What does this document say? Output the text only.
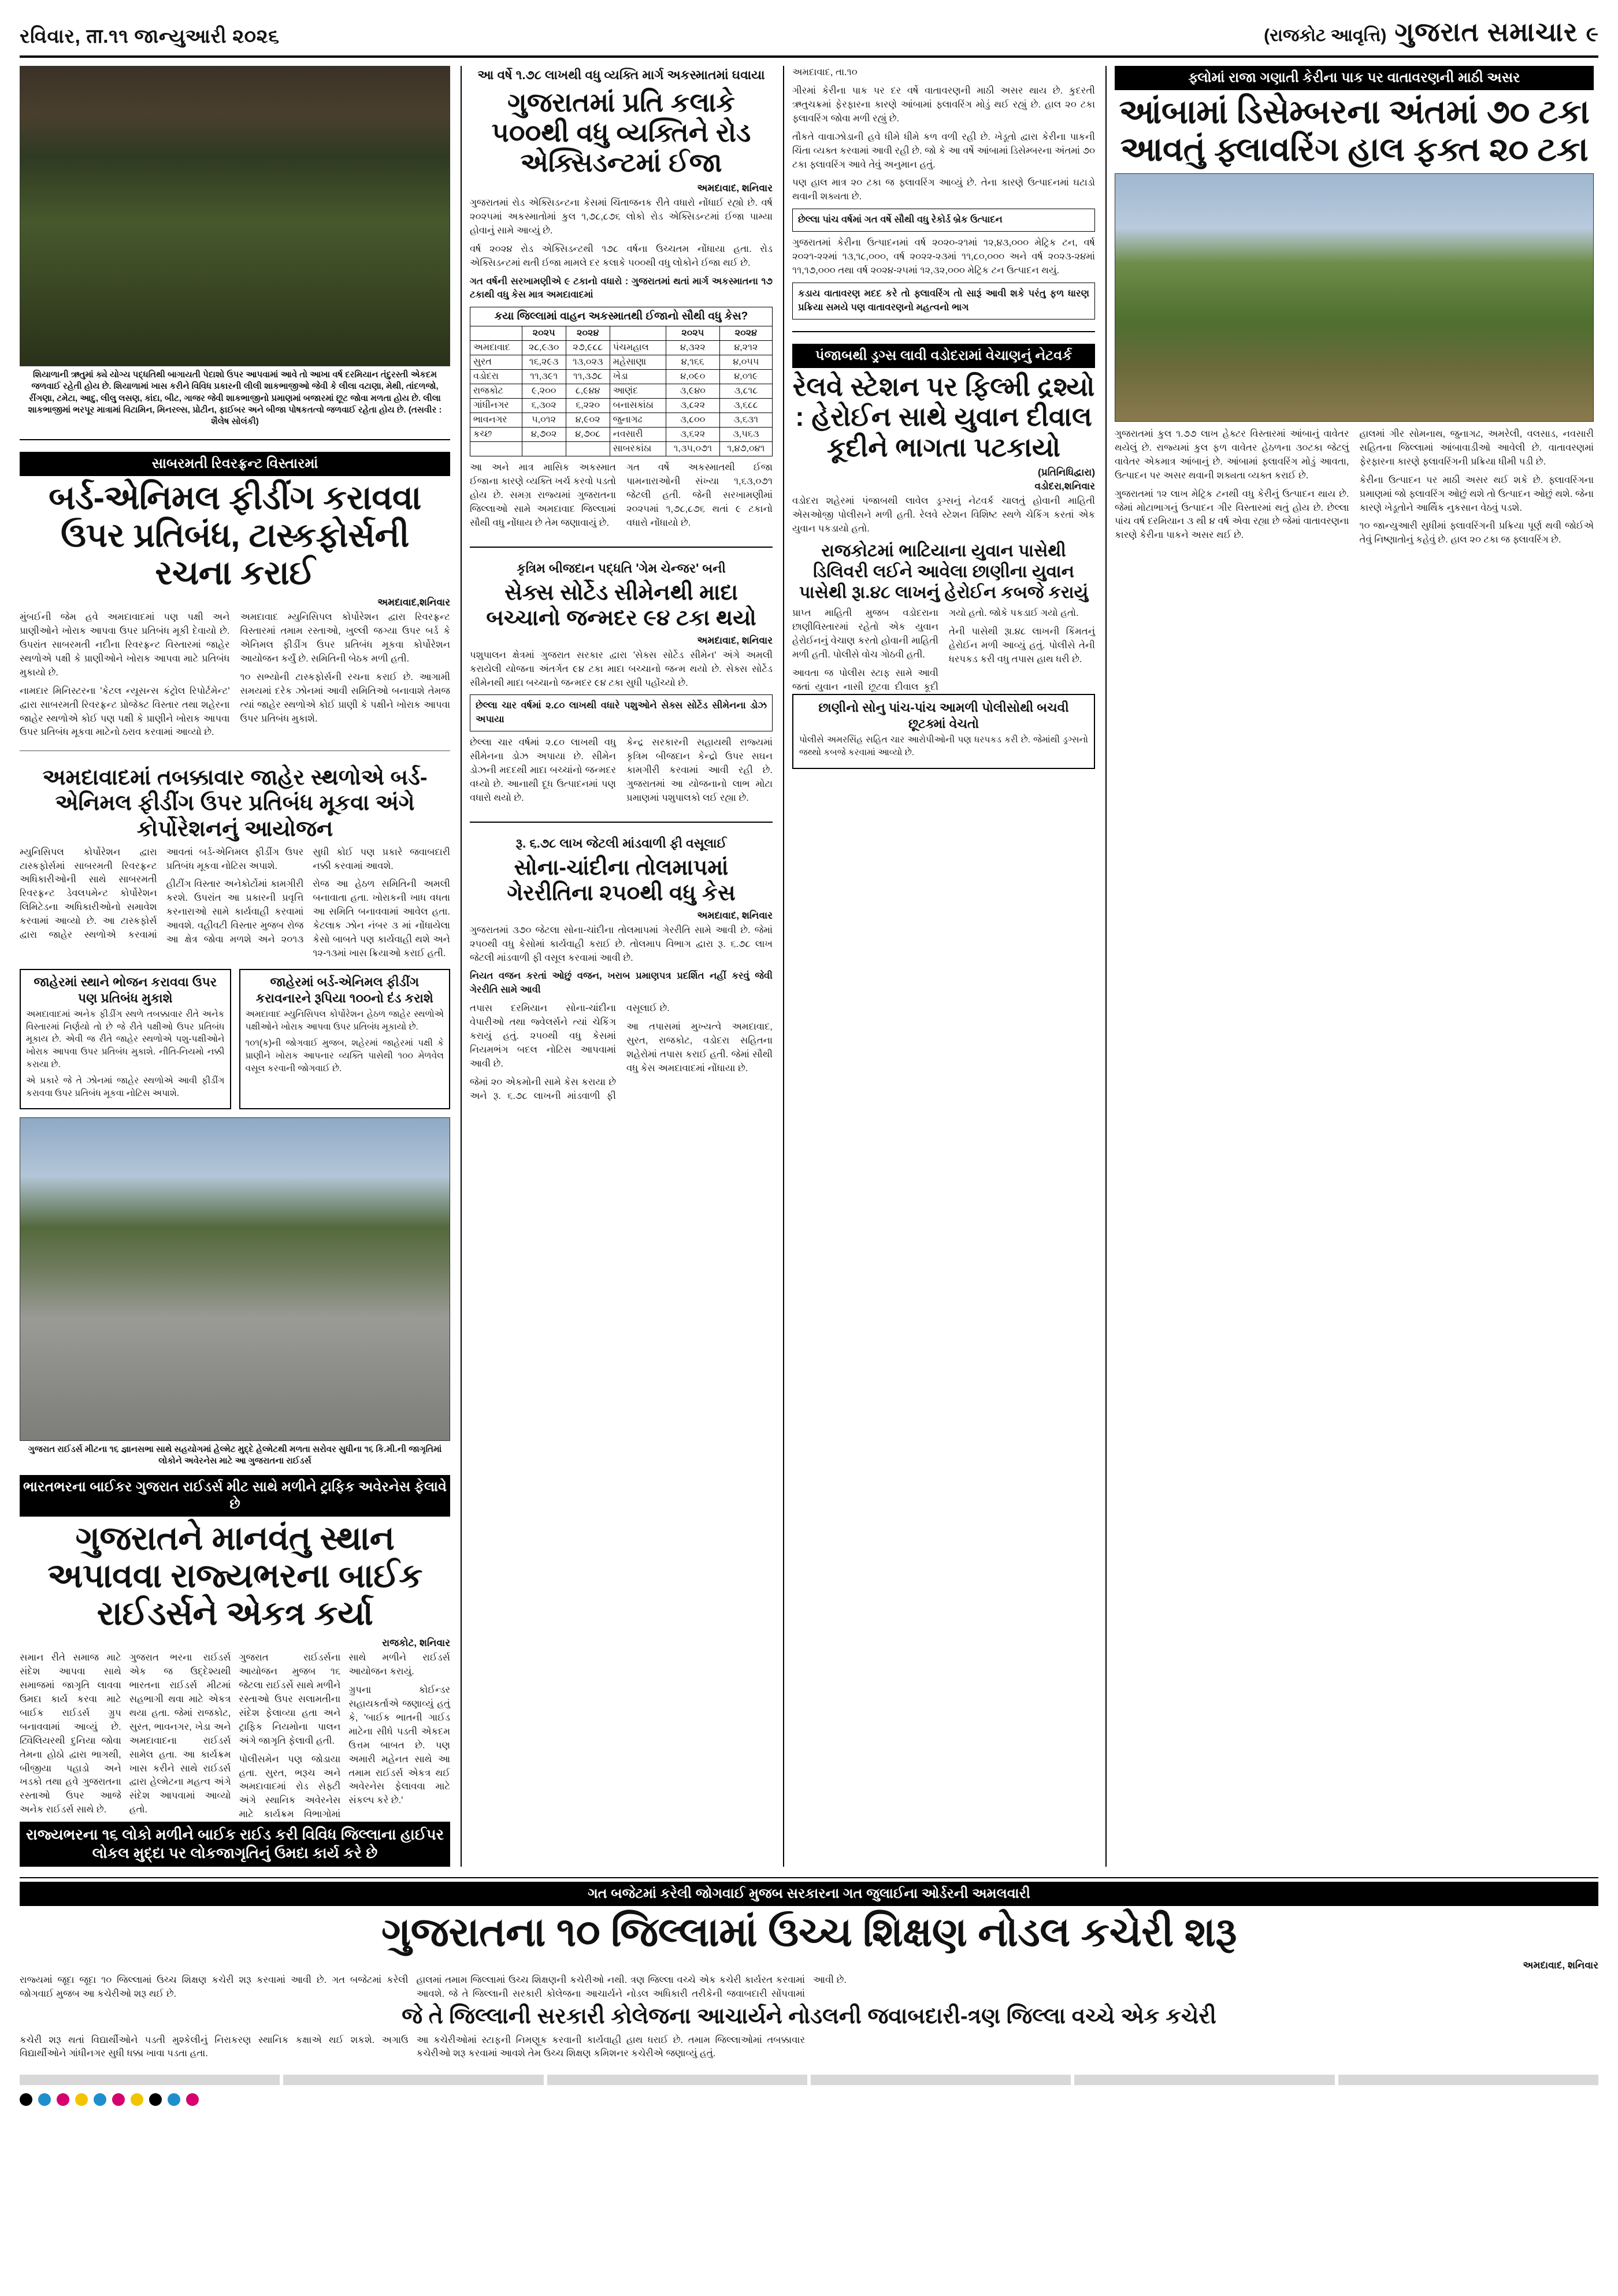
રવિવાર, ता.૧૧ જાન્યુઆરી ૨૦૨૬	(રાજકોટ આવૃત્તિ) ગુજરાત સમાચાર ૯
શિયાળાની ઋતુમાં ક્યે યોગ્ય પદ્ધતિથી બાગાયતી પેદાશો ઉપર આપવામાં આવે તો આખા વર્ષ દરમિયાન તંદુરસ્તી એકદમ જળવાઈ રહેતી હોય છે. શિયાળામાં ખાસ કરીને વિવિધ પ્રકારની લીલી શાકભાજીઓ જેવી કે લીલા વટાણા, મેથી, તાંદળજો, રીંગણા, ટમેટા, આદુ, લીલુ લસણ, કાંદા, બીટ, ગાજર જેવી શાકભાજીનો પ્રમાણમાં બજારમાં છૂટ જોવા મળતા હોય છે. લીલા શાકભાજીમાં ભરપૂર માત્રામાં વિટામિન, મિનરલ્સ, પ્રોટીન, ફાઈબર અને બીજા પોષકતત્વો જળવાઈ રહેતા હોય છે. (તસવીર : શૈલેષ સોલંકી)
સાબરમતી રિવરફ્રન્ટ વિસ્તારમાં
બર્ડ-એનિમલ ફીડીંગ કરાવવા ઉપર પ્રતિબંધ, ટાસ્કફોર્સની રચના કરાઈ
અમદાવાદ,શનિવાર

મુંબઈની જેમ હવે અમદાવાદમાં પણ પક્ષી અને પ્રાણીઓને ખોરાક આપવા ઉપર પ્રતિબંધ મૂકી દેવાયો છે. ઉપરાંત સાબરમતી નદીના રિવરફ્રન્ટ વિસ્તારમાં જાહેર સ્થળોએ પક્ષી કે પ્રાણીઓને ખોરાક આપવા માટે પ્રતિબંધ મુકાયો છે.

નામદાર મિનિસ્ટરના 'કેટલ ન્યૂસન્સ કંટ્રોલ રિપોર્ટમેન્ટ' દ્વારા સાબરમતી રિવરફ્રન્ટ પ્રોજેક્ટ વિસ્તાર તથા શહેરના જાહેર સ્થળોએ કોઈ પણ પક્ષી કે પ્રાણીને ખોરાક આપવા ઉપર પ્રતિબંધ મૂકવા માટેનો ઠરાવ કરવામાં આવ્યો છે.

અમદાવાદ મ્યુનિસિપલ કોર્પોરેશન દ્વારા રિવરફ્રન્ટ વિસ્તારમાં તમામ રસ્તાઓ, ખુલ્લી જગ્યા ઉપર બર્ડ કે એનિમલ ફીડીંગ ઉપર પ્રતિબંધ મૂકવા કોર્પોરેશન આયોજન કર્યું છે. સમિતિની બેઠક મળી હતી.

૧૦ સભ્યોની ટાસ્કફોર્સની રચના કરાઈ છે. આગામી સમયમાં દરેક ઝોનમાં આવી સમિતિઓ બનાવાશે તેમજ ત્યાં જાહેર સ્થળોએ કોઈ પ્રાણી કે પક્ષીને ખોરાક આપવા ઉપર પ્રતિબંધ મુકાશે.

અમદાવાદમાં તબક્કાવાર જાહેર સ્થળોએ બર્ડ-એનિમલ ફીડીંગ ઉપર પ્રતિબંધ મૂકવા અંગે કોર્પોરેશનનું આયોજન

મ્યુનિસિપલ કોર્પોરેશન દ્વારા ટાસ્કફોર્સમાં સાબરમતી રિવરફ્રન્ટ અધિકારીઓની સાથે સાબરમતી રિવરફ્રન્ટ ડેવલપમેન્ટ કોર્પોરેશન લિમિટેડના અધિકારીઓનો સમાવેશ કરવામાં આવ્યો છે. આ ટાસ્કફોર્સ દ્વારા જાહેર સ્થળોએ કરવામાં આવતાં બર્ડ-એનિમલ ફીડીંગ ઉપર પ્રતિબંધ મૂકવા નોટિસ અપાશે.

હીટીંગ વિસ્તાર અનેકોર્ટોમાં કામગીરી કરશે. ઉપરાંત આ પ્રકારની પ્રવૃત્તિ કરનારાઓ સામે કાર્યવાહી કરવામાં આવશે. વહીવટી વિસ્તાર મુજબ રોજ આ ક્ષેત્ર જોવા મળશે અને ૨૦૧૩ સુધી કોઈ પણ પ્રકારે જવાબદારી નક્કી કરવામાં આવશે.

રોજ આ હેઠળ સમિતિની અમલી બનાવાતા હતા. ખોરાકની ખાધ વધતા આ સમિતિ બનાવવામાં આવેલ હતા. કેટલાક ઝોન નંબર ૩ માં નોંધાયેલા કેસો બાબતે પણ કાર્યવાહી થશે અને ૧૨-૧૩માં ખાસ ક્રિયાઓ કરાઈ હતી.

જાહેરમાં સ્થાને ભોજન કરાવવા ઉપર પણ પ્રતિબંધ મુકાશે

અમદાવાદમાં અનેક ફીડીંગ સ્થળે તબક્કાવાર રીતે અનેક વિસ્તારમાં નિર્ણયો તો છે જે રીતે પક્ષીઓ ઉપર પ્રતિબંધ મૂકાય છે. એવી જ રીતે જાહેર સ્થળોએ પશુ-પક્ષીઓને ખોરાક આપવા ઉપર પ્રતિબંધ મુકાશે. નીતિ-નિયમો નક્કી કરાયા છે.

એ પ્રકારે જે તે ઝોનમાં જાહેર સ્થળોએ આવી ફીડીંગ કરાવવા ઉપર પ્રતિબંધ મૂકવા નોટિસ અપાશે.

જાહેરમાં બર્ડ-એનિમલ ફીડીંગ કરાવનારને રૂપિયા ૧૦૦નો દંડ કરાશે

અમદાવાદ મ્યુનિસિપલ કોર્પોરેશન હેઠળ જાહેર સ્થળોએ પક્ષીઓને ખોરાક આપવા ઉપર પ્રતિબંધ મૂકાયો છે.

૧૦૧(ક)ની જોગવાઈ મુજબ, શહેરમાં જાહેરમાં પક્ષી કે પ્રાણીને ખોરાક આપનાર વ્યક્તિ પાસેથી ૧૦૦ મેળવેલ વસૂલ કરવાની જોગવાઈ છે.

ગુજરાત રાઈડર્સ મીટના ૧૬ જ્ઞાનસભા સાથે સહયોગમાં હેલ્મેટ મુદ્દે હેલ્મેટથી મળતા સરોવર સુધીના ૧૬ કિ.મી.ની જાગૃતિમાં લોકોને અવેરનેસ માટે આ ગુજરાતના રાઈડર્સ
ભારતભરના બાઈકર ગુજરાત રાઈડર્સ મીટ સાથે મળીને ટ્રાફિક અવેરનેસ ફેલાવે છે
ગુજરાતને માનવંતુ સ્થાન અપાવવા રાજ્યભરના બાઈક રાઈડર્સને એકત્ર કર્યા
રાજકોટ, શનિવાર

સમાન રીતે સમાજ માટે સંદેશ આપવા સાથે સમાજમાં જાગૃતિ લાવવા ઉમદા કાર્ય કરવા માટે બાઈક રાઈડર્સ ગ્રુપ બનાવવામાં આવ્યું છે. ટ્વિલિયરથી દુનિયા જોવા તેમના હોઠો દ્વારા ભાગથી, બીજીયા પહાડો અને ખડકો તથા હવે ગુજરાતના રસ્તાઓ ઉપર આજે અનેક રાઈડર્સ સાથે છે.

ગુજરાત ભરના રાઈડર્સ એક જ ઉદ્દેશ્યથી ભારતના રાઈડર્સ મીટમાં સહભાગી થવા માટે એકત્ર થયા હતા. જેમાં રાજકોટ, સુરત, ભાવનગર, ખેડા અને અમદાવાદના રાઈડર્સ સામેલ હતા. આ કાર્યક્રમ ખાસ કરીને સાથે રાઈડર્સ દ્વારા હેલ્મેટના મહત્વ અંગે સંદેશ આપવામાં આવ્યો હતો.

ગુજરાત રાઈડર્સના આયોજન મુજબ ૧૬ જેટલા રાઈડર્સે સાથે મળીને રસ્તાઓ ઉપર સલામતીના સંદેશ ફેલાવ્યા હતા અને ટ્રાફિક નિયમોના પાલન અંગે જાગૃતિ ફેલાવી હતી.

પોલીસમેન પણ જોડાયા હતા. સુરત, ભરૂચ અને અમદાવાદમાં રોડ સેફ્ટી અંગે સ્થાનિક અવેરનેસ માટે કાર્યક્રમ વિભાગોમાં સાથે મળીને રાઈડર્સ આયોજન કરાયું.

ગ્રુપના કોઈન્ડર સહાયકર્તાએ જણાવ્યું હતું કે, 'બાઈક ભાતની ગાઈડ માટેના સીધે પડતી એકદમ ઉત્તમ બાબત છે. પણ અમારી મહેનત સાથે આ તમામ રાઈડર્સ એકત્ર થઈ અવેરનેસ ફેલાવવા માટે સંકલ્પ કરે છે.'

રાજ્યભરના ૧૬ લોકો મળીને બાઈક રાઈડ કરી વિવિધ જિલ્લાના હાઈપર લોકલ મુદ્દા પર લોકજાગૃતિનું ઉમદા કાર્ય કરે છે
આ વર્ષે ૧.૭૮ લાખથી વધુ વ્યક્તિ માર્ગ અકસ્માતમાં ઘવાયા
ગુજરાતમાં પ્રતિ કલાકે ૫૦૦થી વધુ વ્યક્તિને રોડ એક્સિડન્ટમાં ઈજા
અમદાવાદ, શનિવાર

ગુજરાતમાં રોડ એક્સિડન્ટના કેસમાં ચિંતાજનક રીતે વધારો નોંધાઈ રહ્યો છે. વર્ષ ૨૦૨૫માં અકસ્માતોમાં કુલ ૧,૭૮,૮૭૬ લોકો રોડ એક્સિડન્ટમાં ઈજા પામ્યા હોવાનું સામે આવ્યું છે.

વર્ષ ૨૦૨૪ રોડ એક્સિડન્ટથી ૧૭૮ વર્ષના ઉચ્ચતમ નોંધાયા હતા. રોડ એક્સિડન્ટમાં થતી ઈજા મામલે દર કલાકે ૫૦૦થી વધુ લોકોને ઈજા થઈ છે.

ગત વર્ષની સરખામણીએ ૯ ટકાનો વધારો : ગુજરાતમાં થતાં માર્ગ અકસ્માતના ૧૭ ટકાથી વધુ કેસ માત્ર અમદાવાદમાં

કયા જિલ્લામાં વાહન અકસ્માતથી ઈજાનો સૌથી વધુ કેસ?
	૨૦૨૫	૨૦૨૪		૨૦૨૫	૨૦૨૪
અમદાવાદ	૨૮,૯૩૦	૨૭,૯૮૮	પંચમહાલ	૪,૩૨૨	૪,૨૧૨
સુરત	૧૬,૨૯૩	૧૩,૦૨૩	મહેસાણા	૪,૧૬૬	૪,૦૫૫
વડોદરા	૧૧,૩૯૧	૧૧,૩૭૮	ખેડા	૪,૦૯૦	૪,૦૧૯
રાજકોટ	૯,૨૦૦	૮,૯૪૪	આણંદ	૩,૯૪૦	૩,૮૧૮
ગાંધીનગર	૬,૩૦૨	૬,૨૨૦	બનાસકાંઠા	૩,૮૨૨	૩,૬૮૮
ભાવનગર	૫,૦૧૨	૪,૯૦૨	જુનાગઢ	૩,૮૦૦	૩,૬૩૧
કચ્છ	૪,૭૦૨	૪,૭૦૮	નવસારી	૩,૬૨૨	૩,૫૬૩
			સાબરકાંઠા	૧,૩૫,૦૭૧	૧,૪૭,૦૪૧

આ અને માત્ર માસિક અકસ્માત ઈજાના કારણે વ્યક્તિ ખર્ચ કરવો પડતો હોય છે. સમગ્ર રાજ્યમાં ગુજરાતના જિલ્લાઓ સામે અમદાવાદ જિલ્લામાં સૌથી વધુ નોંધાય છે તેમ જણાવાયું છે.

ગત વર્ષે અકસ્માતથી ઈજા પામનારાઓની સંખ્યા ૧,૬૩,૦૭૧ જેટલી હતી. જેની સરખામણીમાં ૨૦૨૫માં ૧,૭૮,૮૭૬ થતાં ૯ ટકાનો વધારો નોંધાયો છે.

કૃત્રિમ બીજદાન પદ્ધતિ 'ગેમ ચેન્જર' બની
સેક્સ સોર્ટેડ સીમેનથી માદા બચ્ચાનો જન્મદર ૯૪ ટકા થયો
અમદાવાદ, શનિવાર

પશુપાલન ક્ષેત્રમાં ગુજરાત સરકાર દ્વારા 'સેક્સ સોર્ટેડ સીમેન' અંગે અમલી કરાયેલી યોજના અંતર્ગત ૯૪ ટકા માદા બચ્ચાનો જન્મ થયો છે. સેક્સ સોર્ટેડ સીમેનથી માદા બચ્ચાનો જન્મદર ૯૪ ટકા સુધી પહોંચ્યો છે.

છેલ્લા ચાર વર્ષમાં ૨.૮૦ લાખથી વધારે પશુઓને સેક્સ સોર્ટેડ સીમેનના ડોઝ અપાયા

છેલ્લા ચાર વર્ષમાં ૨.૮૦ લાખથી વધુ સીમેનના ડોઝ અપાયા છે. સીમેન ડોઝની મદદથી માદા બચ્ચાંનો જન્મદર વધ્યો છે. આનાથી દૂધ ઉત્પાદનમાં પણ વધારો થયો છે.

કેન્દ્ર સરકારની સહાયથી રાજ્યમાં કૃત્રિમ બીજદાન કેન્દ્રો ઉપર સઘન કામગીરી કરવામાં આવી રહી છે. ગુજરાતમાં આ યોજનાનો લાભ મોટા પ્રમાણમાં પશુપાલકો લઈ રહ્યા છે.

રૂ. ૬.૭૮ લાખ જેટલી માંડવાળી ફી વસૂલાઈ
સોના-ચાંદીના તોલમાપમાં ગેરરીતિના ૨૫૦થી વધુ કેસ
અમદાવાદ, શનિવાર

ગુજરાતમાં ૩૭૦ જેટલા સોના-ચાંદીના તોલમાપમાં ગેરરીતિ સામે આવી છે. જેમાં ૨૫૦થી વધુ કેસોમાં કાર્યવાહી કરાઈ છે. તોલમાપ વિભાગ દ્વારા રૂ. ૬.૭૮ લાખ જેટલી માંડવાળી ફી વસૂલ કરવામાં આવી છે.

નિયત વજન કરતાં ઓછું વજન, ખરાબ પ્રમાણપત્ર પ્રદર્શિત નહીં કરવું જેવી ગેરરીતિ સામે આવી

તપાસ દરમિયાન સોના-ચાંદીના વેપારીઓ તથા જ્વેલર્સને ત્યાં ચેકિંગ કરાયું હતું. ૨૫૦થી વધુ કેસમાં નિયમભંગ બદલ નોટિસ આપવામાં આવી છે.

જેમાં ૨૦ એકમોની સામે કેસ કરાયા છે અને રૂ. ૬.૭૮ લાખની માંડવાળી ફી વસૂલાઈ છે.

આ તપાસમાં મુખ્યત્વે અમદાવાદ, સુરત, રાજકોટ, વડોદરા સહિતના શહેરોમાં તપાસ કરાઈ હતી. જેમાં સૌથી વધુ કેસ અમદાવાદમાં નોંધાયા છે.

અમદાવાદ, તા.૧૦

ગીરમાં કેરીના પાક પર દર વર્ષે વાતાવરણની માઠી અસર થાય છે. કુદરતી ઋતુચક્રમાં ફેરફારના કારણે આંબામાં ફ્લાવરિંગ મોડું થઈ રહ્યું છે. હાલ ૨૦ ટકા ફ્લાવરિંગ જોવા મળી રહ્યું છે.

તૌકતે વાવાઝોડાની હવે ધીમે ધીમે કળ વળી રહી છે. ખેડૂતો દ્વારા કેરીના પાકની ચિંતા વ્યક્ત કરવામાં આવી રહી છે. જો કે આ વર્ષે આંબામાં ડિસેમ્બરના અંતમાં ૭૦ ટકા ફ્લાવરિંગ આવે તેવું અનુમાન હતું.

પણ હાલ માત્ર ૨૦ ટકા જ ફ્લાવરિંગ આવ્યું છે. તેના કારણે ઉત્પાદનમાં ઘટાડો થવાની શક્યતા છે.

છેલ્લા પાંચ વર્ષમાં ગત વર્ષે સૌથી વધુ રેકોર્ડ બ્રેક ઉત્પાદન

ગુજરાતમાં કેરીના ઉત્પાદનમાં વર્ષ ૨૦૨૦-૨૧માં ૧૨,૪૩,૦૦૦ મેટ્રિક ટન, વર્ષ ૨૦૨૧-૨૨માં ૧૩,૧૮,૦૦૦, વર્ષ ૨૦૨૨-૨૩માં ૧૧,૮૦,૦૦૦ અને વર્ષ ૨૦૨૩-૨૪માં ૧૧,૧૭,૦૦૦ તથા વર્ષ ૨૦૨૪-૨૫માં ૧૨,૩૨,૦૦૦ મેટ્રિક ટન ઉત્પાદન થયું.

કડાય વાતાવરણ મદદ કરે તો ફ્લાવરિંગ તો સારૂં આવી શકે પરંતુ ફળ ધારણ પ્રક્રિયા સમયે પણ વાતાવરણનો મહત્વનો ભાગ

પંજાબથી ડ્રગ્સ લાવી વડોદરામાં વેચાણનું નેટવર્ક
રેલવે સ્ટેશન પર ફિલ્મી દ્રશ્યો : હેરોઈન સાથે યુવાન દીવાલ કૂદીને ભાગતા પટકાયો
(પ્રતિનિધિદ્વારા)
વડોદરા,શનિવાર

વડોદરા શહેરમાં પંજાબથી લાવેલ ડ્રગ્સનું નેટવર્ક ચાલતું હોવાની માહિતી એસઓજી પોલીસને મળી હતી. રેલવે સ્ટેશન વિશિષ્ટ સ્થળે ચેકિંગ કરતાં એક યુવાન પકડાયો હતો.

રાજકોટમાં ભાટિયાના યુવાન પાસેથી ડિલિવરી લઈને આવેલા છાણીના યુવાન પાસેથી રૂા.૪૮ લાખનું હેરોઈન કબજે કરાયું

પ્રાપ્ત માહિતી મુજબ વડોદરાના છાણીવિસ્તારમાં રહેતો એક યુવાન હેરોઈનનું વેચાણ કરતો હોવાની માહિતી મળી હતી. પોલીસે વોચ ગોઠવી હતી.

આવતા જ પોલીસ સ્ટાફ સામે આવી જતાં યુવાન નાસી છૂટવા દીવાલ કૂદી ગયો હતો. જોકે પકડાઈ ગયો હતો.

તેની પાસેથી રૂા.૪૮ લાખની કિંમતનું હેરોઈન મળી આવ્યું હતું. પોલીસે તેની ધરપકડ કરી વધુ તપાસ હાથ ધરી છે.

છાણીનો સોનુ પાંચ-પાંચ આમળી પોલીસોથી બચવી છૂટક્માં વેચતો

પોલીસે અમરસિંહ સહિત ચાર આરોપીઓની પણ ધરપકડ કરી છે. જેમાંથી ડ્રગ્સનો જથ્થો કબજે કરવામાં આવ્યો છે.

ફ્લોમાં રાજા ગણાતી કેરીના પાક પર વાતાવરણની માઠી અસર
આંબામાં ડિસેમ્બરના અંતમાં ૭૦ ટકા આવતું ફ્લાવરિંગ હાલ ફક્ત ૨૦ ટકા

ગુજરાતમાં કુલ ૧.૭૭ લાખ હેક્ટર વિસ્તારમાં આંબાનું વાવેતર થયેલું છે. રાજ્યમાં કુલ ફળ વાવેતર હેઠળના ૩૦ટકા જેટલું વાવેતર એકમાત્ર આંબાનું છે. આંબામાં ફ્લાવરિંગ મોડું આવતા, ઉત્પાદન પર અસર થવાની શક્યતા વ્યક્ત કરાઈ છે.

ગુજરાતમાં ૧૨ લાખ મેટ્રિક ટનથી વધુ કેરીનું ઉત્પાદન થાય છે. જેમાં મોટાભાગનું ઉત્પાદન ગીર વિસ્તારમાં થતું હોય છે. છેલ્લા પાંચ વર્ષ દરમિયાન ૩ થી ૪ વર્ષ એવા રહ્યા છે જેમાં વાતાવરણના કારણે કેરીના પાકને અસર થઈ છે.

હાલમાં ગીર સોમનાથ, જુનાગઢ, અમરેલી, વલસાડ, નવસારી સહિતના જિલ્લામાં આંબાવાડીઓ આવેલી છે. વાતાવરણમાં ફેરફારના કારણે ફ્લાવરિંગની પ્રક્રિયા ધીમી પડી છે.

કેરીના ઉત્પાદન પર માઠી અસર થઈ શકે છે. ફ્લાવરિંગના પ્રમાણમાં જો ફ્લાવરિંગ ઓછું થશે તો ઉત્પાદન ઓછું થશે. જેના કારણે ખેડૂતોને આર્થિક નુકસાન વેઠવું પડશે.

૧૦ જાન્યુઆરી સુધીમાં ફ્લાવરિંગની પ્રક્રિયા પૂર્ણ થવી જોઈએ તેવું નિષ્ણાતોનું કહેવું છે. હાલ ૨૦ ટકા જ ફ્લાવરિંગ છે.

ગત બજેટમાં કરેલી જોગવાઈ મુજબ સરકારના ગત જુલાઈના ઓર્ડરની અમલવારી
ગુજરાતના ૧૦ જિલ્લામાં ઉચ્ચ શિક્ષણ નોડલ કચેરી શરૂ
અમદાવાદ, શનિવાર

રાજ્યમાં જૂદા જૂદા ૧૦ જિલ્લામાં ઉચ્ચ શિક્ષણ કચેરી શરૂ કરવામાં આવી છે. ગત બજેટમાં કરેલી જોગવાઈ મુજબ આ કચેરીઓ શરૂ થઈ છે.

હાલમાં તમામ જિલ્લામાં ઉચ્ચ શિક્ષણની કચેરીઓ નથી. ત્રણ જિલ્લા વચ્ચે એક કચેરી કાર્યરત કરવામાં આવશે. જે તે જિલ્લાની સરકારી કોલેજના આચાર્યને નોડલ અધિકારી તરીકેની જવાબદારી સોંપવામાં આવી છે.

જે તે જિલ્લાની સરકારી કોલેજના આચાર્યને નોડલની જવાબદારી-ત્રણ જિલ્લા વચ્ચે એક કચેરી

કચેરી શરૂ થતાં વિદ્યાર્થીઓને પડતી મુશ્કેલીનું નિરાકરણ સ્થાનિક કક્ષાએ થઈ શકશે. અગાઉ વિદ્યાર્થીઓને ગાંધીનગર સુધી ધક્કા ખાવા પડતા હતા.

આ કચેરીઓમાં સ્ટાફની નિમણૂક કરવાની કાર્યવાહી હાથ ધરાઈ છે. તમામ જિલ્લાઓમાં તબક્કાવાર કચેરીઓ શરૂ કરવામાં આવશે તેમ ઉચ્ચ શિક્ષણ કમિશનર કચેરીએ જણાવ્યું હતું.
